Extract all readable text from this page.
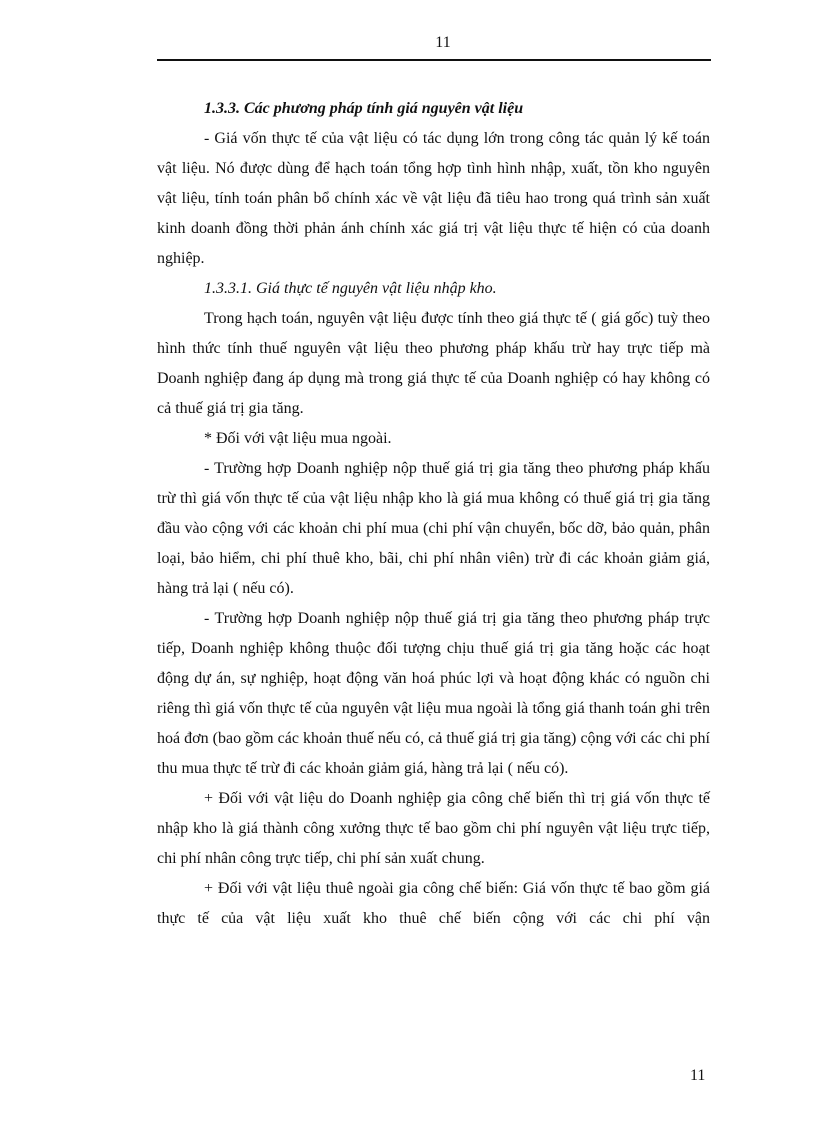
11

1.3.3. Các phương pháp tính giá nguyên vật liệu

- Giá vốn thực tế của vật liệu có tác dụng lớn trong công tác quản lý kế toán vật liệu. Nó được dùng để hạch toán tổng hợp tình hình nhập, xuất, tồn kho nguyên vật liệu, tính toán phân bổ chính xác về vật liệu đã tiêu hao trong quá trình sản xuất kinh doanh đồng thời phản ánh chính xác giá trị vật liệu thực tế hiện có của doanh nghiệp.

1.3.3.1. Giá thực tế nguyên vật liệu nhập kho.

Trong hạch toán, nguyên vật liệu được tính theo giá thực tế ( giá gốc) tuỳ theo hình thức tính thuế nguyên vật liệu theo phương pháp khấu trừ hay trực tiếp mà Doanh nghiệp đang áp dụng mà trong giá thực tế của Doanh nghiệp có hay không có cả thuế giá trị gia tăng.

* Đối với vật liệu mua ngoài.

- Trường hợp Doanh nghiệp nộp thuế giá trị gia tăng theo phương pháp khấu trừ thì giá vốn thực tế của vật liệu nhập kho là giá mua không có thuế giá trị gia tăng đầu vào cộng với các khoản chi phí mua (chi phí vận chuyển, bốc dỡ, bảo quản, phân loại, bảo hiểm, chi phí thuê kho, bãi, chi phí nhân viên) trừ đi các khoản giảm giá, hàng trả lại ( nếu có).

- Trường hợp Doanh nghiệp nộp thuế giá trị gia tăng theo phương pháp trực tiếp, Doanh nghiệp không thuộc đối tượng chịu thuế giá trị gia tăng hoặc các hoạt động dự án, sự nghiệp, hoạt động văn hoá phúc lợi và hoạt động khác có nguồn chi riêng thì giá vốn thực tế của nguyên vật liệu mua ngoài là tổng giá thanh toán ghi trên hoá đơn (bao gồm các khoản thuế nếu có, cả thuế giá trị gia tăng) cộng với các chi phí thu mua thực tế trừ đi các khoản giảm giá, hàng trả lại ( nếu có).

+ Đối với vật liệu do Doanh nghiệp gia công chế biến thì trị giá vốn thực tế nhập kho là giá thành công xưởng thực tế bao gồm chi phí nguyên vật liệu trực tiếp, chi phí nhân công trực tiếp, chi phí sản xuất chung.

+ Đối với vật liệu thuê ngoài gia công chế biến: Giá vốn thực tế bao gồm giá thực tế của vật liệu xuất kho thuê chế biến cộng với các chi phí vận

11
